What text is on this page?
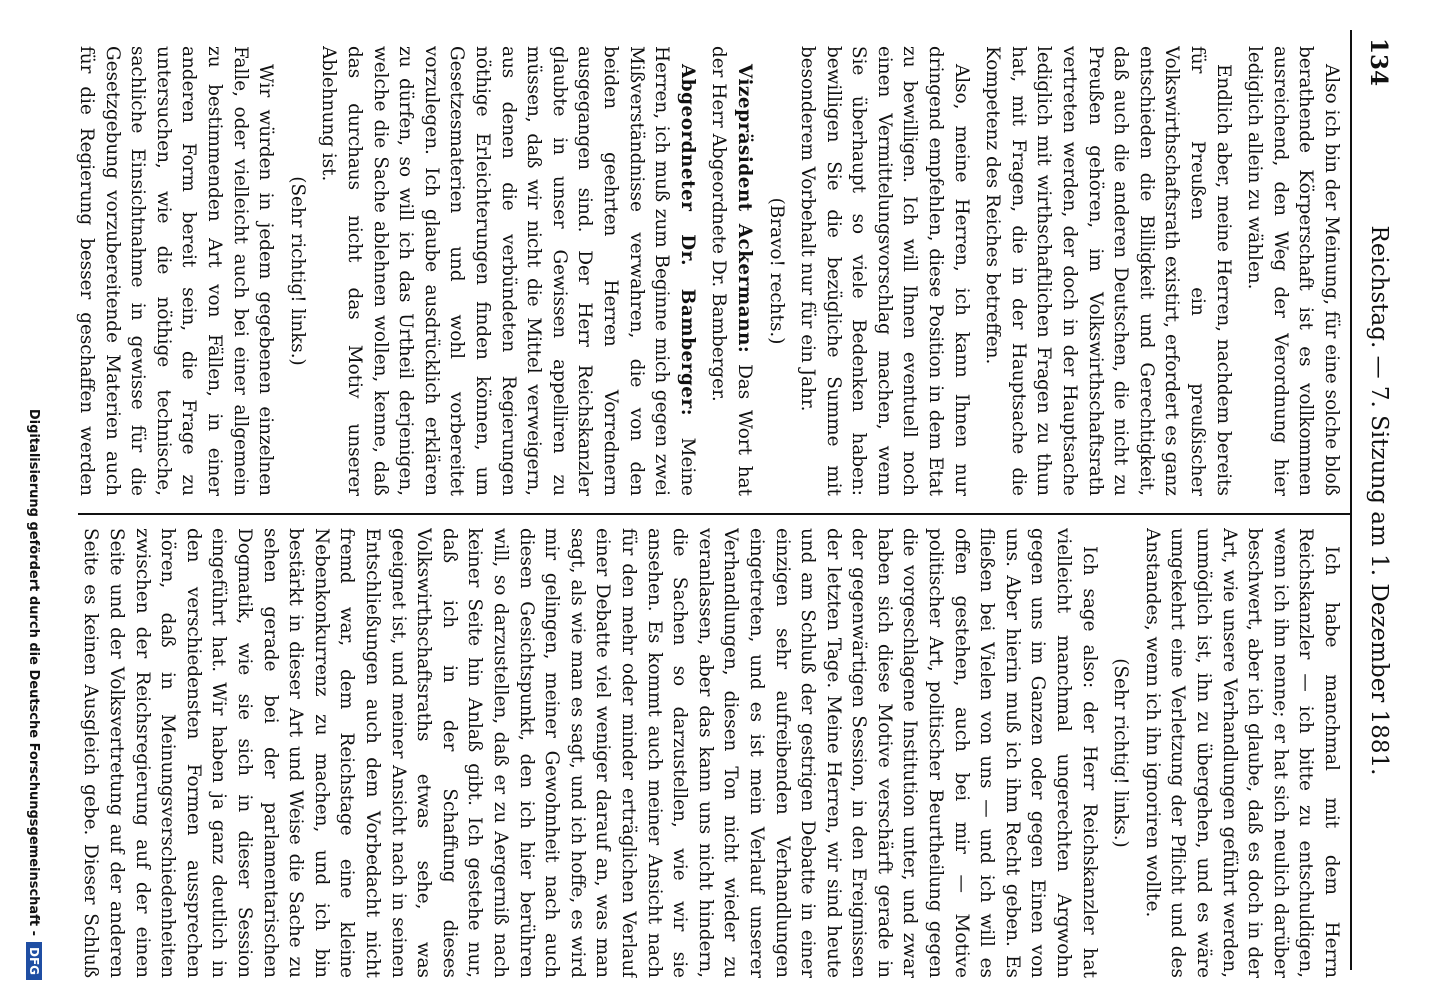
134
Reichstag. — 7. Sitzung am 1. Dezember 1881.

Also ich bin der Meinung, für eine solche bloß berathende Körperschaft ist es vollkommen ausreichend, den Weg der Verordnung hier lediglich allein zu wählen.

Endlich aber, meine Herren, nachdem bereits für Preußen ein preußischer Volkswirthschaftsrath existirt, erfordert es ganz entschieden die Billigkeit und Gerechtigkeit, daß auch die anderen Deutschen, die nicht zu Preußen gehören, im Volkswirthschaftsrath vertreten werden, der doch in der Hauptsache lediglich mit wirthschaftlichen Fragen zu thun hat, mit Fragen, die in der Hauptsache die Kompetenz des Reiches betreffen.

Also, meine Herren, ich kann Ihnen nur dringend empfehlen, diese Position in dem Etat zu bewilligen. Ich will Ihnen eventuell noch einen Vermittelungsvorschlag machen, wenn Sie überhaupt so viele Bedenken haben: bewilligen Sie die bezügliche Summe mit besonderem Vorbehalt nur für ein Jahr.

(Bravo! rechts.)

Vizepräsident Ackermann: Das Wort hat der Herr Abgeordnete Dr. Bamberger.

Abgeordneter Dr. Bamberger: Meine Herren, ich muß zum Beginne mich gegen zwei Mißverständnisse verwahren, die von den beiden geehrten Herren Vorrednern ausgegangen sind. Der Herr Reichskanzler glaubte in unser Gewissen appelliren zu müssen, daß wir nicht die Mittel verweigern, aus denen die verbündeten Regierungen nöthige Erleichterungen finden können, um Gesetzesmaterien und wohl vorbereitet vorzulegen. Ich glaube ausdrücklich erklären zu dürfen, so will ich das Urtheil derjenigen, welche die Sache ablehnen wollen, kenne, daß das durchaus nicht das Motiv unserer Ablehnung ist.

(Sehr richtig! links.)

Wir würden in jedem gegebenen einzelnen Falle, oder vielleicht auch bei einer allgemein zu bestimmenden Art von Fällen, in einer anderen Form bereit sein, die Frage zu untersuchen, wie die nöthige technische, sachliche Einsichtnahme in gewisse für die Gesetzgebung vorzubereitende Materien auch für die Regierung besser geschaffen werden

Ich habe manchmal mit dem Herrn Reichskanzler — ich bitte zu entschuldigen, wenn ich ihn nenne; er hat sich neulich darüber beschwert, aber ich glaube, daß es doch in der Art, wie unsere Verhandlungen geführt werden, unmöglich ist, ihn zu übergehen, und es wäre umgekehrt eine Verletzung der Pflicht und des Anstandes, wenn ich ihn ignoriren wollte.

(Sehr richtig! links.)

Ich sage also: der Herr Reichskanzler hat vielleicht manchmal ungerechten Argwohn gegen uns im Ganzen oder gegen Einen von uns. Aber hierin muß ich ihm Recht geben. Es fließen bei Vielen von uns — und ich will es offen gestehen, auch bei mir — Motive politischer Art, politischer Beurtheilung gegen die vorgeschlagene Institution unter, und zwar haben sich diese Motive verschärft gerade in der gegenwärtigen Session, in den Ereignissen der letzten Tage. Meine Herren, wir sind heute und am Schluß der gestrigen Debatte in einer einzigen sehr aufreibenden Verhandlungen eingetreten, und es ist mein Verlauf unserer Verhandlungen, diesen Ton nicht wieder zu veranlassen, aber das kann uns nicht hindern, die Sachen so darzustellen, wie wir sie ansehen. Es kommt auch meiner Ansicht nach für den mehr oder minder erträglichen Verlauf einer Debatte viel weniger darauf an, was man sagt, als wie man es sagt, und ich hoffe, es wird mir gelingen, meiner Gewohnheit nach auch diesen Gesichtspunkt, den ich hier berühren will, so darzustellen, daß er zu Aergerniß nach keiner Seite hin Anlaß gibt. Ich gestehe nur, daß ich in der Schaffung dieses Volkswirthschaftsraths etwas sehe, was geeignet ist, und meiner Ansicht nach in seinen Entschließungen auch dem Vorbedacht nicht fremd war, dem Reichstage eine kleine Nebenkonkurrenz zu machen, und ich bin bestärkt in dieser Art und Weise die Sache zu sehen gerade bei der parlamentarischen Dogmatik, wie sie sich in dieser Session eingeführt hat. Wir haben ja ganz deutlich in den verschiedensten Formen aussprechen hören, daß in Meinungsverschiedenheiten zwischen der Reichsregierung auf der einen Seite und der Volksvertretung auf der anderen Seite es keinen Ausgleich gebe. Dieser Schluß

Digitalisierung gefördert durch die Deutsche Forschungsgemeinschaft -DFG
